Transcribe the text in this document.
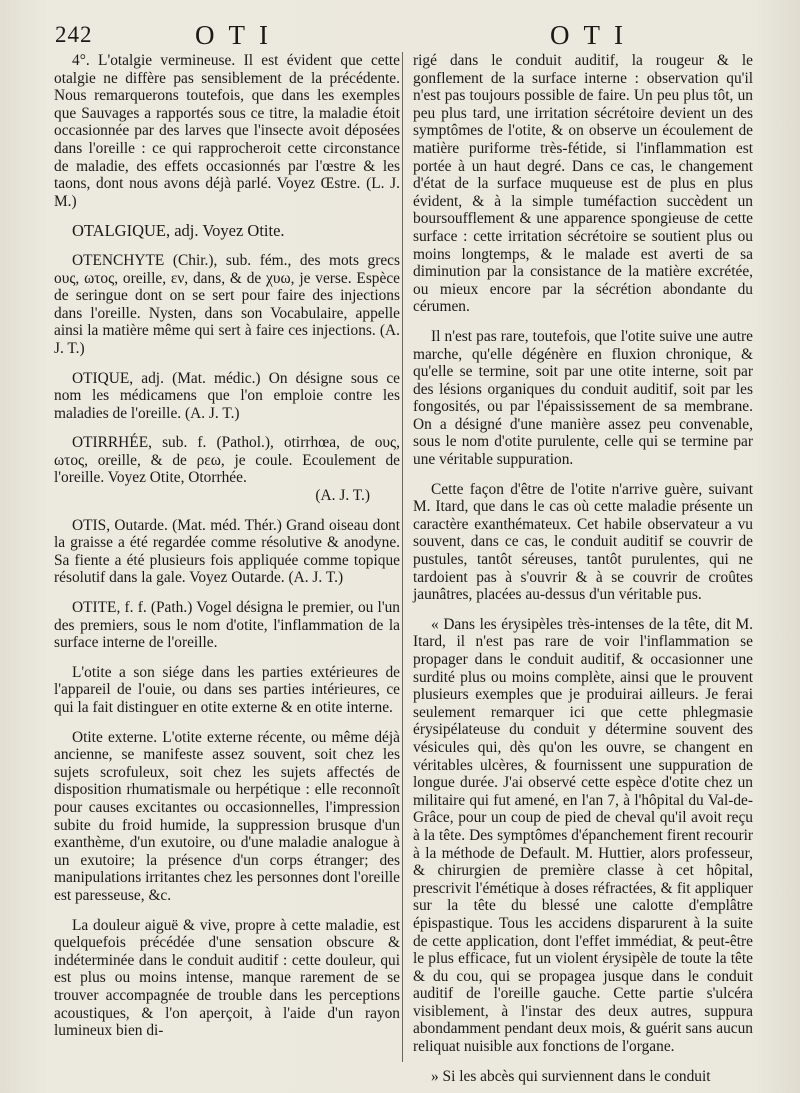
242	OTI	OTI

4°. L'otalgie vermineuse. Il est évident que cette otalgie ne diffère pas sensiblement de la précédente. Nous remarquerons toutefois, que dans les exemples que Sauvages a rapportés sous ce titre, la maladie étoit occasionnée par des larves que l'insecte avoit déposées dans l'oreille : ce qui rapprocheroit cette circonstance de maladie, des effets occasionnés par l'œstre & les taons, dont nous avons déjà parlé. Voyez Œstre. (L. J. M.)

OTALGIQUE, adj. Voyez Otite.

OTENCHYTE (Chir.), sub. fém., des mots grecs ους, ωτος, oreille, εν, dans, & de χυω, je verse. Espèce de seringue dont on se sert pour faire des injections dans l'oreille. Nysten, dans son Vocabulaire, appelle ainsi la matière même qui sert à faire ces injections. (A. J. T.)

OTIQUE, adj. (Mat. médic.) On désigne sous ce nom les médicamens que l'on emploie contre les maladies de l'oreille. (A. J. T.)

OTIRRHÉE, sub. f. (Pathol.), otirrhœa, de ους, ωτος, oreille, & de ρεω, je coule. Ecoulement de l'oreille. Voyez Otite, Otorrhée.

(A. J. T.)

OTIS, Outarde. (Mat. méd. Thér.) Grand oiseau dont la graisse a été regardée comme résolutive & anodyne. Sa fiente a été plusieurs fois appliquée comme topique résolutif dans la gale. Voyez Outarde. (A. J. T.)

OTITE, f. f. (Path.) Vogel désigna le premier, ou l'un des premiers, sous le nom d'otite, l'inflammation de la surface interne de l'oreille.

L'otite a son siége dans les parties extérieures de l'appareil de l'ouie, ou dans ses parties intérieures, ce qui la fait distinguer en otite externe & en otite interne.

Otite externe. L'otite externe récente, ou même déjà ancienne, se manifeste assez souvent, soit chez les sujets scrofuleux, soit chez les sujets affectés de disposition rhumatismale ou herpétique : elle reconnoît pour causes excitantes ou occasionnelles, l'impression subite du froid humide, la suppression brusque d'un exanthème, d'un exutoire, ou d'une maladie analogue à un exutoire; la présence d'un corps étranger; des manipulations irritantes chez les personnes dont l'oreille est paresseuse, &c.

La douleur aiguë & vive, propre à cette maladie, est quelquefois précédée d'une sensation obscure & indéterminée dans le conduit auditif : cette douleur, qui est plus ou moins intense, manque rarement de se trouver accompagnée de trouble dans les perceptions acoustiques, & l'on aperçoit, à l'aide d'un rayon lumineux bien di-

rigé dans le conduit auditif, la rougeur & le gonflement de la surface interne : observation qu'il n'est pas toujours possible de faire. Un peu plus tôt, un peu plus tard, une irritation sécrétoire devient un des symptômes de l'otite, & on observe un écoulement de matière puriforme très-fétide, si l'inflammation est portée à un haut degré. Dans ce cas, le changement d'état de la surface muqueuse est de plus en plus évident, & à la simple tuméfaction succèdent un boursoufflement & une apparence spongieuse de cette surface : cette irritation sécrétoire se soutient plus ou moins longtemps, & le malade est averti de sa diminution par la consistance de la matière excrétée, ou mieux encore par la sécrétion abondante du cérumen.

Il n'est pas rare, toutefois, que l'otite suive une autre marche, qu'elle dégénère en fluxion chronique, & qu'elle se termine, soit par une otite interne, soit par des lésions organiques du conduit auditif, soit par les fongosités, ou par l'épaississement de sa membrane. On a désigné d'une manière assez peu convenable, sous le nom d'otite purulente, celle qui se termine par une véritable suppuration.

Cette façon d'être de l'otite n'arrive guère, suivant M. Itard, que dans le cas où cette maladie présente un caractère exanthémateux. Cet habile observateur a vu souvent, dans ce cas, le conduit auditif se couvrir de pustules, tantôt séreuses, tantôt purulentes, qui ne tardoient pas à s'ouvrir & à se couvrir de croûtes jaunâtres, placées au-dessus d'un véritable pus.

« Dans les érysipèles très-intenses de la tête, dit M. Itard, il n'est pas rare de voir l'inflammation se propager dans le conduit auditif, & occasionner une surdité plus ou moins complète, ainsi que le prouvent plusieurs exemples que je produirai ailleurs. Je ferai seulement remarquer ici que cette phlegmasie érysipélateuse du conduit y détermine souvent des vésicules qui, dès qu'on les ouvre, se changent en véritables ulcères, & fournissent une suppuration de longue durée. J'ai observé cette espèce d'otite chez un militaire qui fut amené, en l'an 7, à l'hôpital du Val-de-Grâce, pour un coup de pied de cheval qu'il avoit reçu à la tête. Des symptômes d'épanchement firent recourir à la méthode de Default. M. Huttier, alors professeur, & chirurgien de première classe à cet hôpital, prescrivit l'émétique à doses réfractées, & fit appliquer sur la tête du blessé une calotte d'emplâtre épispastique. Tous les accidens disparurent à la suite de cette application, dont l'effet immédiat, & peut-être le plus efficace, fut un violent érysipèle de toute la tête & du cou, qui se propagea jusque dans le conduit auditif de l'oreille gauche. Cette partie s'ulcéra visiblement, à l'instar des deux autres, suppura abondamment pendant deux mois, & guérit sans aucun reliquat nuisible aux fonctions de l'organe.

» Si les abcès qui surviennent dans le conduit
